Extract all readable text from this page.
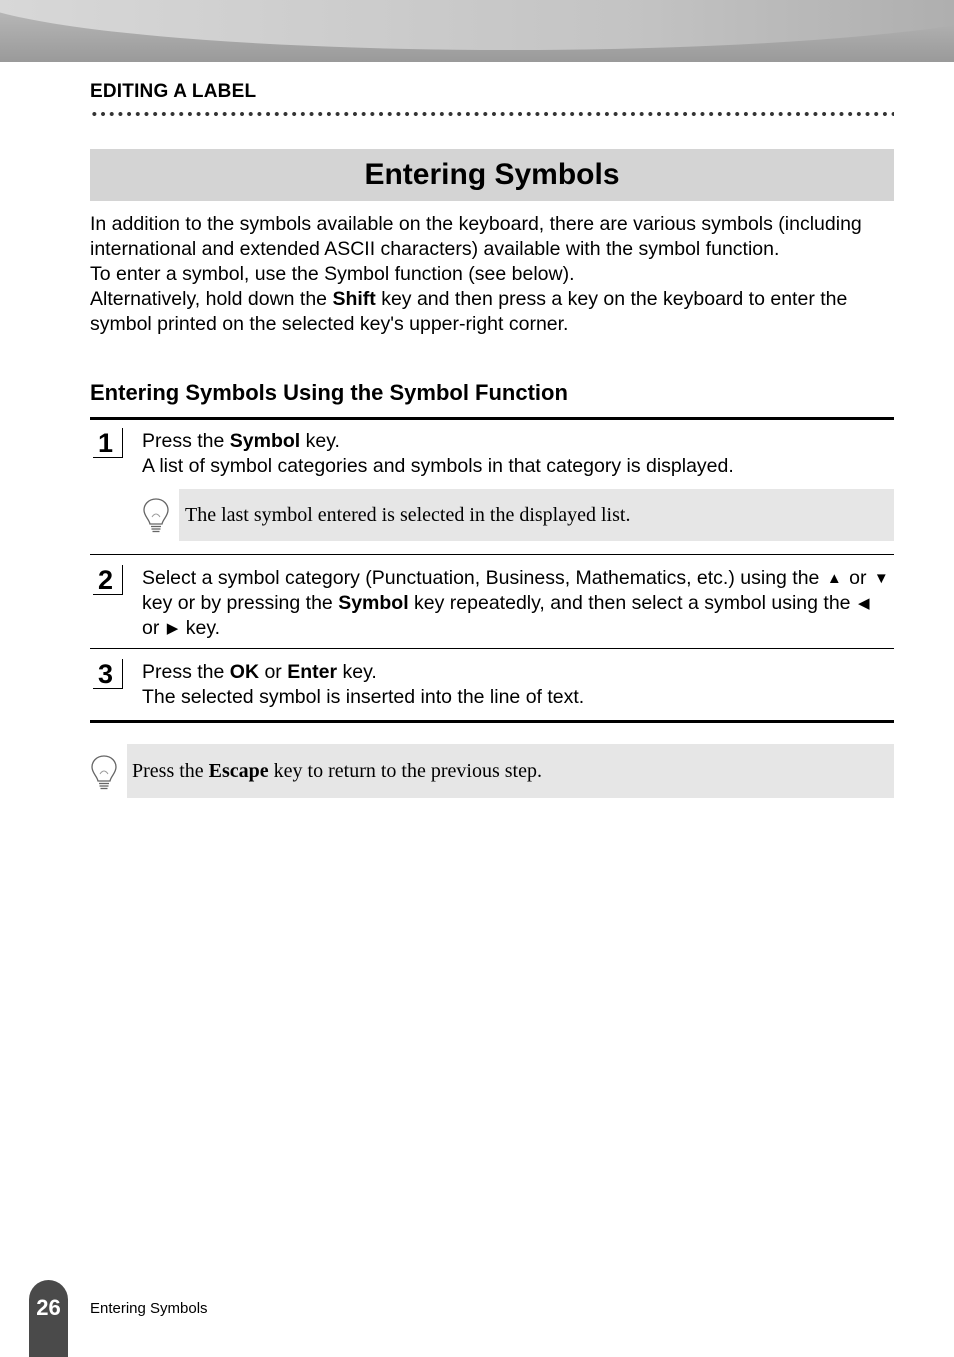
EDITING A LABEL
Entering Symbols

In addition to the symbols available on the keyboard, there are various symbols (including international and extended ASCII characters) available with the symbol function.

To enter a symbol, use the Symbol function (see below).

Alternatively, hold down the Shift key and then press a key on the keyboard to enter the symbol printed on the selected key's upper-right corner.

Entering Symbols Using the Symbol Function
1	Press the Symbol key.

A list of symbol categories and symbols in that category is displayed.

The last symbol entered is selected in the displayed list.
2	Select a symbol category (Punctuation, Business, Mathematics, etc.) using the ▲ or ▼ key or by pressing the Symbol key repeatedly, and then select a symbol using the ◀ or ▶ key.

3	Press the OK or Enter key.

The selected symbol is inserted into the line of text.

Press the Escape key to return to the previous step.
26	Entering Symbols
